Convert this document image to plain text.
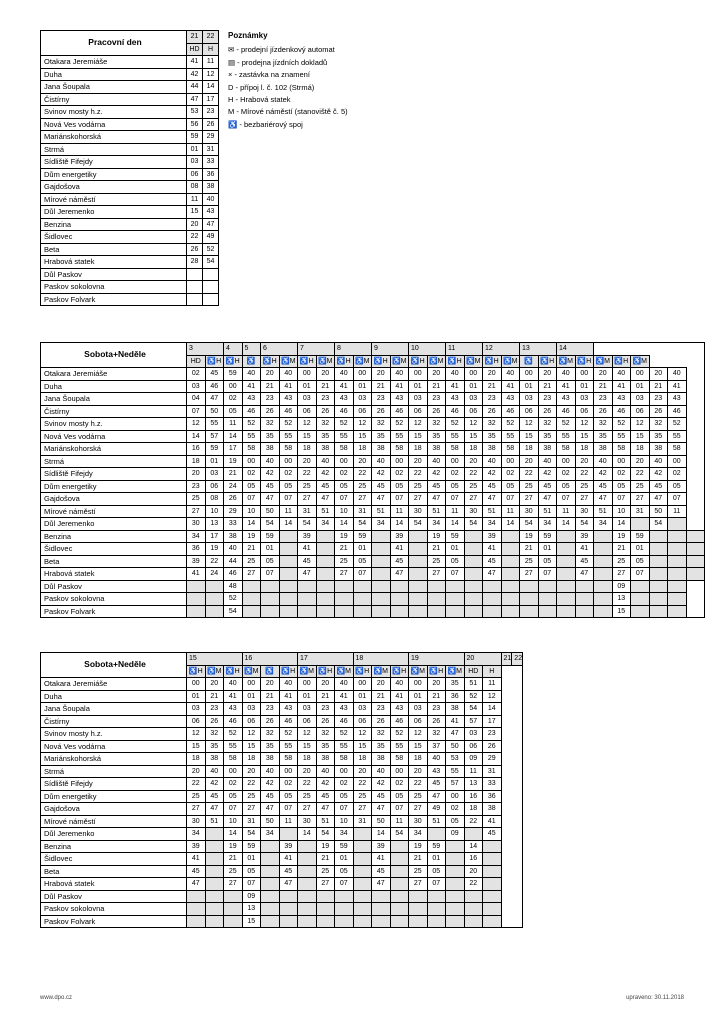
Pracovní den	21	22
	HD	H
Otakara Jeremiáše	41	11
Duha	42	12
Jana Šoupala	44	14
Čistírny	47	17
Svinov mosty h.z.	53	23
Nová Ves vodárna	56	26
Mariánskohorská	59	29
Strmá	01	31
Sídliště Fifejdy	03	33
Dům energetiky	06	36
Gajdošova	08	38
Mírové náměstí	11	40
Důl Jeremenko	15	43
Benzina	20	47
Šidlovec	22	49
Beta	26	52
Hrabová statek	28	54
Důl Paskov		
Paskov sokolovna		
Paskov Folvark		
Poznámky
✉ - prodejní jízdenkový automat
▤ - prodejna jízdních dokladů
× - zastávka na znamení
D - přípoj l. č. 102 (Strmá)
H - Hrabová statek
M - Mírové náměstí (stanoviště č. 5)
♿ - bezbariérový spoj
Sobota+Neděle	3		4	5	6		7		8		9		10		11		12		13		14							
	HD	♿H	♿H	♿	♿H	♿M	♿H	♿M	♿H	♿M	♿H	♿M	♿H	♿M	♿H	♿M	♿H	♿M	♿	♿H	♿M	♿H	♿M	♿H	♿M			
Otakara Jeremiáše	02	45	59	40	20	40	00	20	40	00	20	40	00	20	40	00	20	40	00	20	40	00	20	40	00	20	40	
Duha	03	46	00	41	21	41	01	21	41	01	21	41	01	21	41	01	21	41	01	21	41	01	21	41	01	21	41	
Jana Šoupala	04	47	02	43	23	43	03	23	43	03	23	43	03	23	43	03	23	43	03	23	43	03	23	43	03	23	43	
Čistírny	07	50	05	46	26	46	06	26	46	06	26	46	06	26	46	06	26	46	06	26	46	06	26	46	06	26	46	
Svinov mosty h.z.	12	55	11	52	32	52	12	32	52	12	32	52	12	32	52	12	32	52	12	32	52	12	32	52	12	32	52	
Nová Ves vodárna	14	57	14	55	35	55	15	35	55	15	35	55	15	35	55	15	35	55	15	35	55	15	35	55	15	35	55	
Mariánskohorská	16	59	17	58	38	58	18	38	58	18	38	58	18	38	58	18	38	58	18	38	58	18	38	58	18	38	58	
Strmá	18	01	19	00	40	00	20	40	00	20	40	00	20	40	00	20	40	00	20	40	00	20	40	00	20	40	00	
Sídliště Fifejdy	20	03	21	02	42	02	22	42	02	22	42	02	22	42	02	22	42	02	22	42	02	22	42	02	22	42	02	
Dům energetiky	23	06	24	05	45	05	25	45	05	25	45	05	25	45	05	25	45	05	25	45	05	25	45	05	25	45	05	
Gajdošova	25	08	26	07	47	07	27	47	07	27	47	07	27	47	07	27	47	07	27	47	07	27	47	07	27	47	07	
Mírové náměstí	27	10	29	10	50	11	31	51	10	31	51	11	30	51	11	30	51	11	30	51	11	30	51	10	31	50	11	
Důl Jeremenko	30	13	33	14	54	14	54	34	14	54	34	14	54	34	14	54	34	14	54	34	14	54	34	14		54		
Benzina	34	17	38	19	59		39		19	59		39		19	59		39		19	59		39		19	59			
Šidlovec	36	19	40	21	01		41		21	01		41		21	01		41		21	01		41		21	01			
Beta	39	22	44	25	05		45		25	05		45		25	05		45		25	05		45		25	05			
Hrabová statek	41	24	46	27	07		47		27	07		47		27	07		47		27	07		47		27	07			
Důl Paskov			48																					09				
Paskov sokolovna			52																					13				
Paskov Folvark			54																					15				
Sobota+Neděle	15			16			17			18			19			20		21	22
	♿H	♿M	♿H	♿M	♿	♿H	♿M	♿H	♿M	♿H	♿M	♿H	♿M	♿H	♿M	HD	H		
Otakara Jeremiáše	00	20	40	00	20	40	00	20	40	00	20	40	00	20	35	51	11		
Duha	01	21	41	01	21	41	01	21	41	01	21	41	01	21	36	52	12		
Jana Šoupala	03	23	43	03	23	43	03	23	43	03	23	43	03	23	38	54	14		
Čistírny	06	26	46	06	26	46	06	26	46	06	26	46	06	26	41	57	17		
Svinov mosty h.z.	12	32	52	12	32	52	12	32	52	12	32	52	12	32	47	03	23		
Nová Ves vodárna	15	35	55	15	35	55	15	35	55	15	35	55	15	37	50	06	26		
Mariánskohorská	18	38	58	18	38	58	18	38	58	18	38	58	18	40	53	09	29		
Strmá	20	40	00	20	40	00	20	40	00	20	40	00	20	43	55	11	31		
Sídliště Fifejdy	22	42	02	22	42	02	22	42	02	22	42	02	22	45	57	13	33		
Dům energetiky	25	45	05	25	45	05	25	45	05	25	45	05	25	47	00	16	36		
Gajdošova	27	47	07	27	47	07	27	47	07	27	47	07	27	49	02	18	38		
Mírové náměstí	30	51	10	31	50	11	30	51	10	31	50	11	30	51	05	22	41		
Důl Jeremenko	34		14	54	34		14	54	34		14	54	34		09		45		
Benzina	39		19	59		39		19	59		39		19	59		14			
Šidlovec	41		21	01		41		21	01		41		21	01		16			
Beta	45		25	05		45		25	05		45		25	05		20			
Hrabová statek	47		27	07		47		27	07		47		27	07		22			
Důl Paskov				09															
Paskov sokolovna				13															
Paskov Folvark				15															
www.dpo.cz	upraveno: 30.11.2018
